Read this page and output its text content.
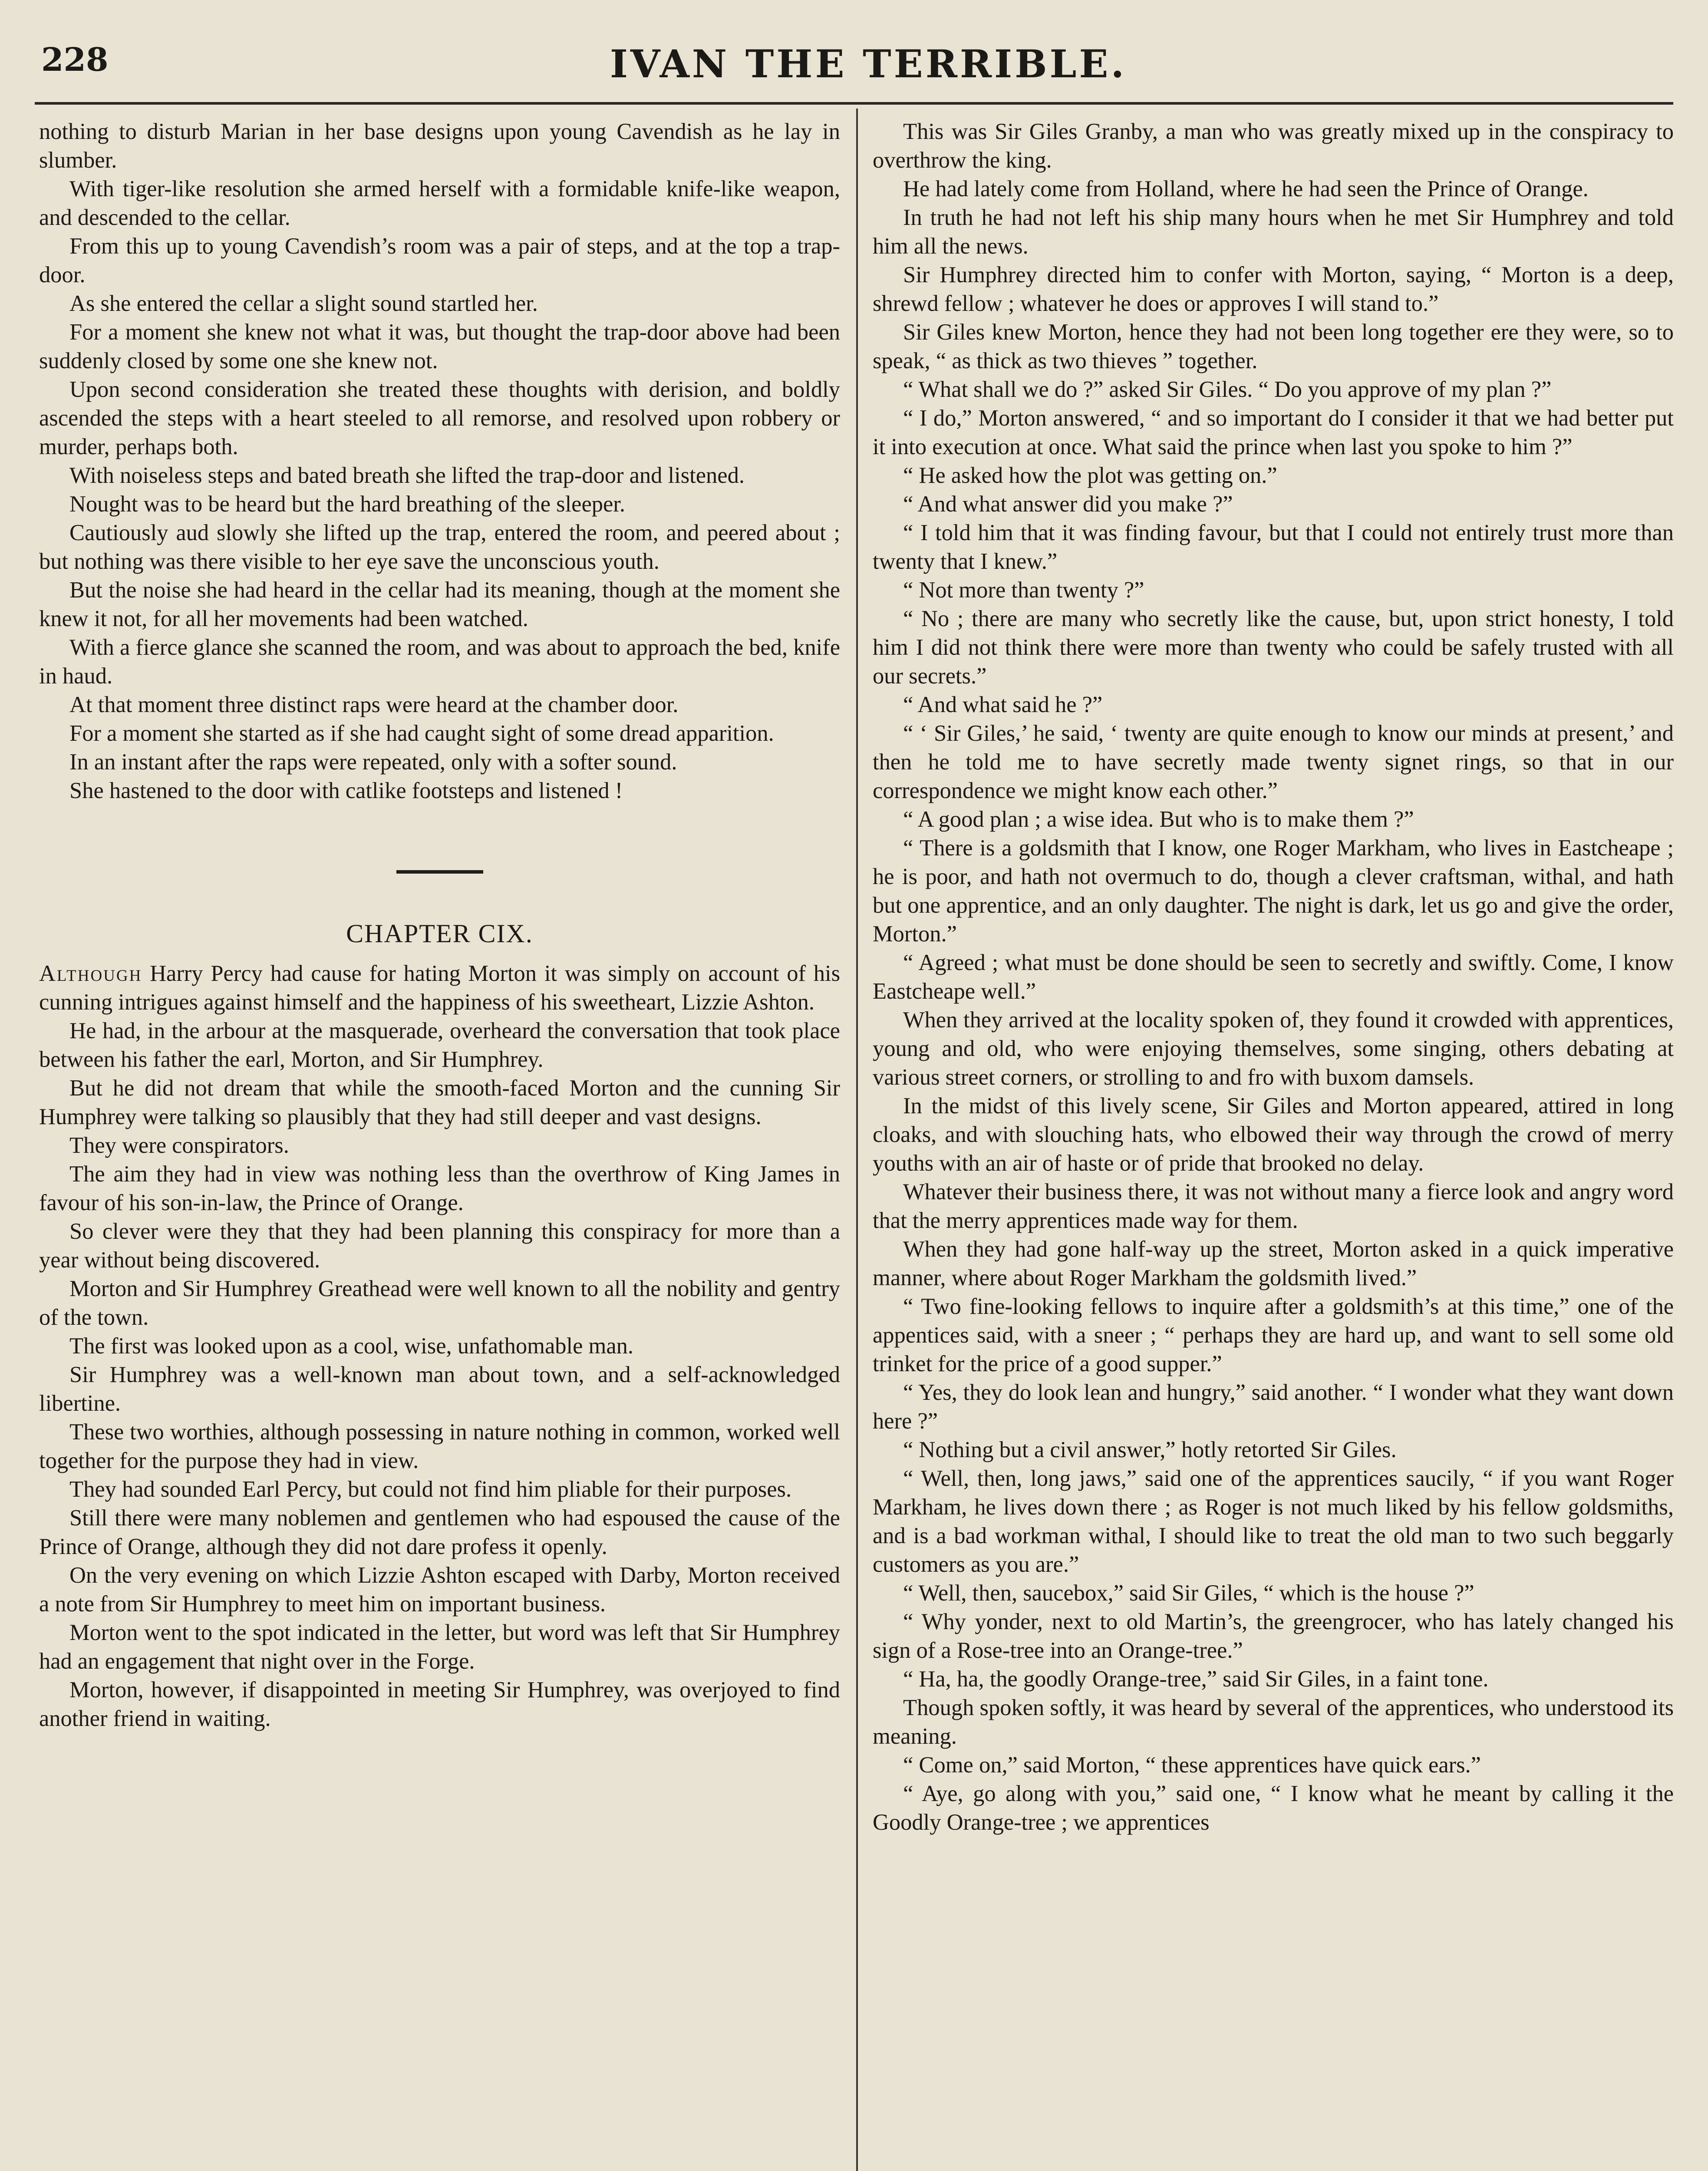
228	IVAN THE TERRIBLE.

nothing to disturb Marian in her base designs upon young Cavendish as he lay in slumber.

With tiger-like resolution she armed herself with a formidable knife-like weapon, and descended to the cellar.

From this up to young Cavendish’s room was a pair of steps, and at the top a trap-door.

As she entered the cellar a slight sound startled her.

For a moment she knew not what it was, but thought the trap-door above had been suddenly closed by some one she knew not.

Upon second consideration she treated these thoughts with derision, and boldly ascended the steps with a heart steeled to all remorse, and resolved upon robbery or murder, perhaps both.

With noiseless steps and bated breath she lifted the trap-door and listened.

Nought was to be heard but the hard breathing of the sleeper.

Cautiously aud slowly she lifted up the trap, entered the room, and peered about ; but nothing was there visible to her eye save the unconscious youth.

But the noise she had heard in the cellar had its meaning, though at the moment she knew it not, for all her movements had been watched.

With a fierce glance she scanned the room, and was about to approach the bed, knife in haud.

At that moment three distinct raps were heard at the chamber door.

For a moment she started as if she had caught sight of some dread apparition.

In an instant after the raps were repeated, only with a softer sound.

She hastened to the door with catlike footsteps and listened !

CHAPTER CIX.

Although Harry Percy had cause for hating Morton it was simply on account of his cunning intrigues against himself and the happiness of his sweetheart, Lizzie Ashton.

He had, in the arbour at the masquerade, overheard the conversation that took place between his father the earl, Morton, and Sir Humphrey.

But he did not dream that while the smooth-faced Morton and the cunning Sir Humphrey were talking so plausibly that they had still deeper and vast designs.

They were conspirators.

The aim they had in view was nothing less than the overthrow of King James in favour of his son-in-law, the Prince of Orange.

So clever were they that they had been planning this conspiracy for more than a year without being discovered.

Morton and Sir Humphrey Greathead were well known to all the nobility and gentry of the town.

The first was looked upon as a cool, wise, unfathomable man.

Sir Humphrey was a well-known man about town, and a self-acknowledged libertine.

These two worthies, although possessing in nature nothing in common, worked well together for the purpose they had in view.

They had sounded Earl Percy, but could not find him pliable for their purposes.

Still there were many noblemen and gentlemen who had espoused the cause of the Prince of Orange, although they did not dare profess it openly.

On the very evening on which Lizzie Ashton escaped with Darby, Morton received a note from Sir Humphrey to meet him on important business.

Morton went to the spot indicated in the letter, but word was left that Sir Humphrey had an engagement that night over in the Forge.

Morton, however, if disappointed in meeting Sir Humphrey, was overjoyed to find another friend in waiting.

This was Sir Giles Granby, a man who was greatly mixed up in the conspiracy to overthrow the king.

He had lately come from Holland, where he had seen the Prince of Orange.

In truth he had not left his ship many hours when he met Sir Humphrey and told him all the news.

Sir Humphrey directed him to confer with Morton, saying, “ Morton is a deep, shrewd fellow ; whatever he does or approves I will stand to.”

Sir Giles knew Morton, hence they had not been long together ere they were, so to speak, “ as thick as two thieves ” together.

“ What shall we do ?” asked Sir Giles. “ Do you approve of my plan ?”

“ I do,” Morton answered, “ and so important do I consider it that we had better put it into execution at once. What said the prince when last you spoke to him ?”

“ He asked how the plot was getting on.”

“ And what answer did you make ?”

“ I told him that it was finding favour, but that I could not entirely trust more than twenty that I knew.”

“ Not more than twenty ?”

“ No ; there are many who secretly like the cause, but, upon strict honesty, I told him I did not think there were more than twenty who could be safely trusted with all our secrets.”

“ And what said he ?”

“ ‘ Sir Giles,’ he said, ‘ twenty are quite enough to know our minds at present,’ and then he told me to have secretly made twenty signet rings, so that in our correspondence we might know each other.”

“ A good plan ; a wise idea. But who is to make them ?”

“ There is a goldsmith that I know, one Roger Markham, who lives in Eastcheape ; he is poor, and hath not overmuch to do, though a clever craftsman, withal, and hath but one apprentice, and an only daughter. The night is dark, let us go and give the order, Morton.”

“ Agreed ; what must be done should be seen to secretly and swiftly. Come, I know Eastcheape well.”

When they arrived at the locality spoken of, they found it crowded with apprentices, young and old, who were enjoying themselves, some singing, others debating at various street corners, or strolling to and fro with buxom damsels.

In the midst of this lively scene, Sir Giles and Morton appeared, attired in long cloaks, and with slouching hats, who elbowed their way through the crowd of merry youths with an air of haste or of pride that brooked no delay.

Whatever their business there, it was not without many a fierce look and angry word that the merry apprentices made way for them.

When they had gone half-way up the street, Morton asked in a quick imperative manner, where about Roger Markham the goldsmith lived.”

“ Two fine-looking fellows to inquire after a goldsmith’s at this time,” one of the appentices said, with a sneer ; “ perhaps they are hard up, and want to sell some old trinket for the price of a good supper.”

“ Yes, they do look lean and hungry,” said another. “ I wonder what they want down here ?”

“ Nothing but a civil answer,” hotly retorted Sir Giles.

“ Well, then, long jaws,” said one of the apprentices saucily, “ if you want Roger Markham, he lives down there ; as Roger is not much liked by his fellow goldsmiths, and is a bad workman withal, I should like to treat the old man to two such beggarly customers as you are.”

“ Well, then, saucebox,” said Sir Giles, “ which is the house ?”

“ Why yonder, next to old Martin’s, the greengrocer, who has lately changed his sign of a Rose-tree into an Orange-tree.”

“ Ha, ha, the goodly Orange-tree,” said Sir Giles, in a faint tone.

Though spoken softly, it was heard by several of the apprentices, who understood its meaning.

“ Come on,” said Morton, “ these apprentices have quick ears.”

“ Aye, go along with you,” said one, “ I know what he meant by calling it the Goodly Orange-tree ; we apprentices
